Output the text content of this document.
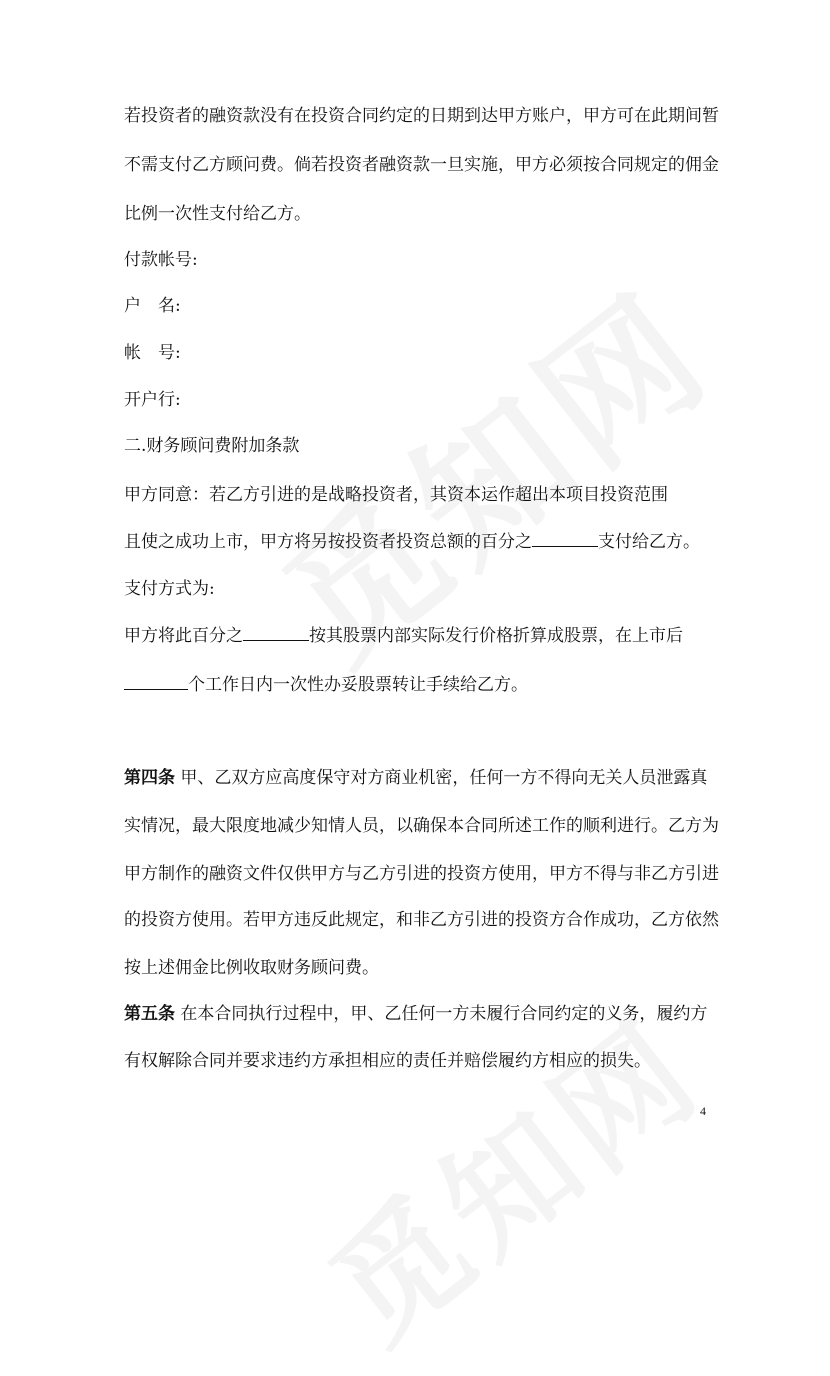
若投资者的融资款没有在投资合同约定的日期到达甲方账户，甲方可在此期间暂
不需支付乙方顾问费。倘若投资者融资款一旦实施，甲方必须按合同规定的佣金
比例一次性支付给乙方。
付款帐号:
户　名:
帐　号:
开户行:
二.财务顾问费附加条款
甲方同意：若乙方引进的是战略投资者，其资本运作超出本项目投资范围
且使之成功上市，甲方将另按投资者投资总额的百分之	支付给乙方。
支付方式为:
甲方将此百分之	按其股票内部实际发行价格折算成股票，在上市后
个工作日内一次性办妥股票转让手续给乙方。
第四条 甲、乙双方应高度保守对方商业机密，任何一方不得向无关人员泄露真
实情况，最大限度地减少知情人员，以确保本合同所述工作的顺利进行。乙方为
甲方制作的融资文件仅供甲方与乙方引进的投资方使用，甲方不得与非乙方引进
的投资方使用。若甲方违反此规定，和非乙方引进的投资方合作成功，乙方依然
按上述佣金比例收取财务顾问费。
第五条 在本合同执行过程中，甲、乙任何一方未履行合同约定的义务，履约方
有权解除合同并要求违约方承担相应的责任并赔偿履约方相应的损失。
4
